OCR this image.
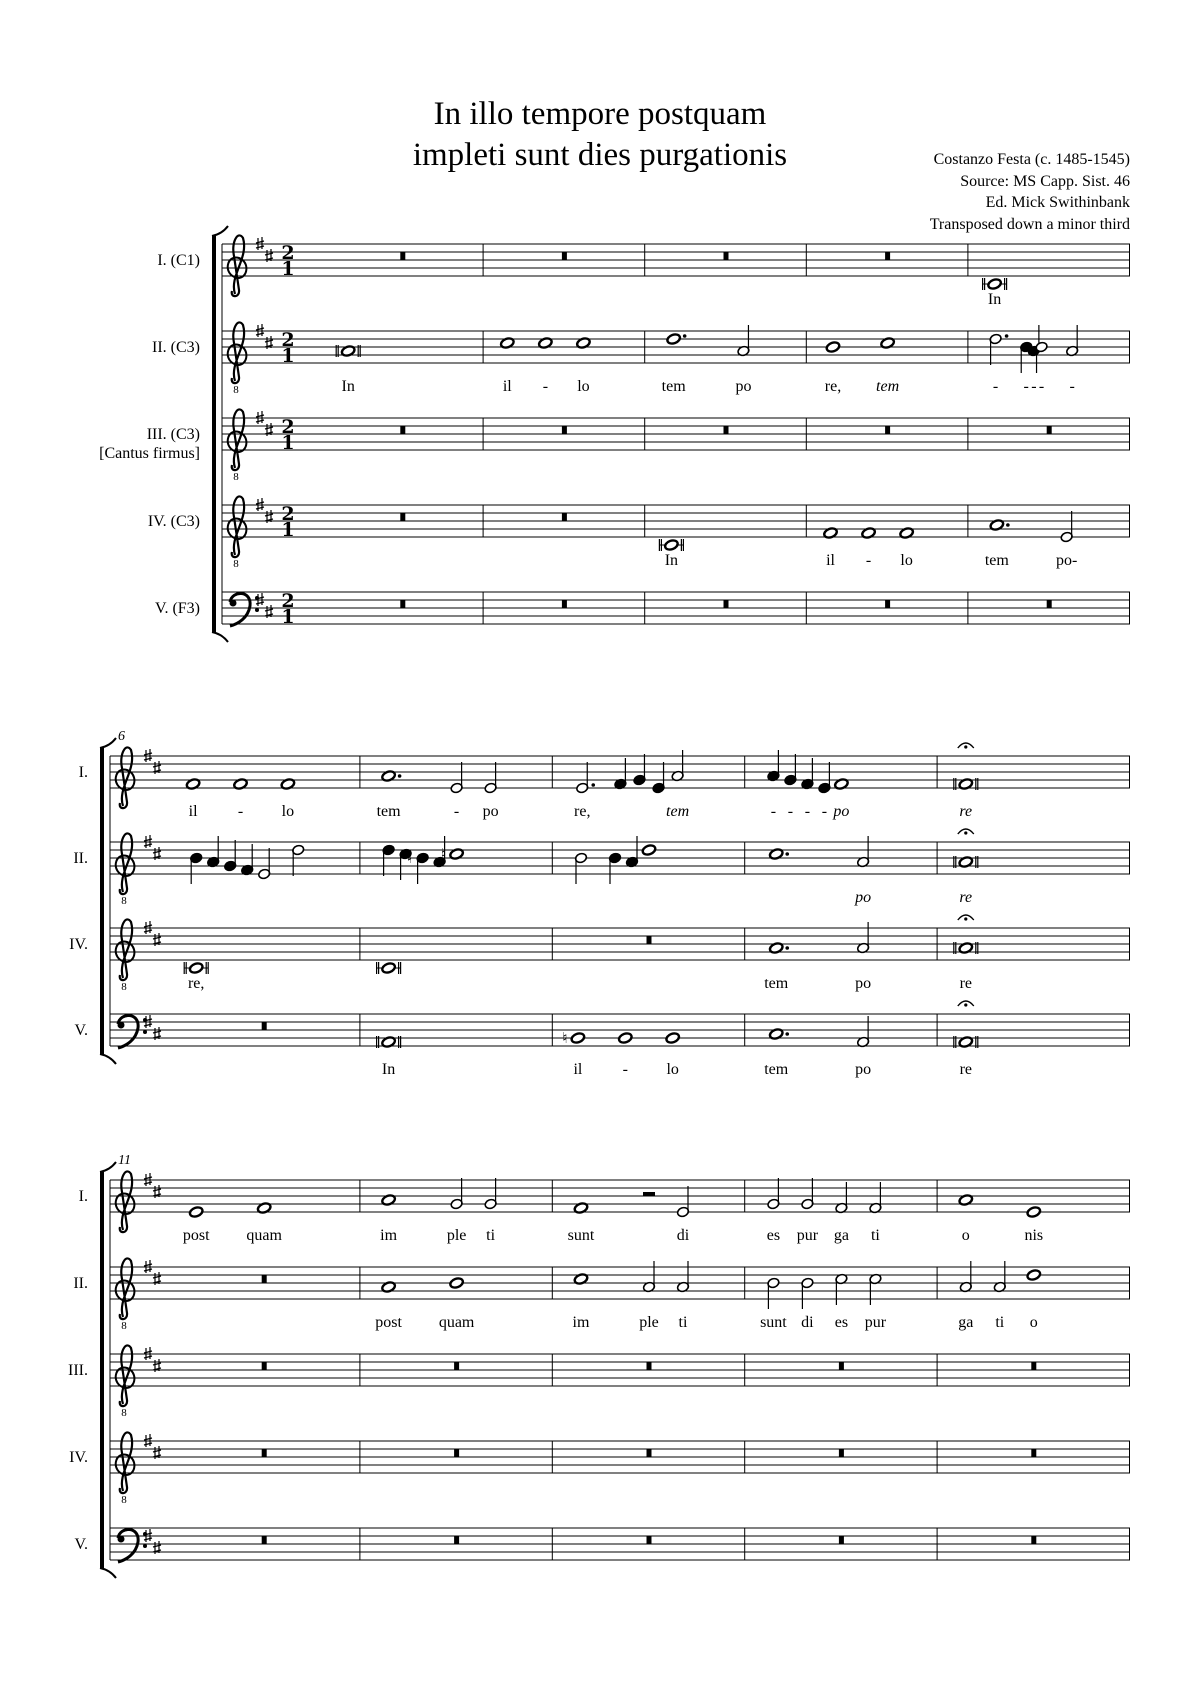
In illo tempore postquam
impleti sunt dies purgationis	Costanzo Festa (c. 1485-1545)
Source: MS Capp. Sist. 46
Ed. Mick Swithinbank
Transposed down a minor third
I. (C1)	2
1
In
II. (C3)
8
2
1
In	il - lo	tem	po	re, tem	- - - - -
III. (C3)
[Cantus firmus]
8
2
1
IV. (C3)
8
2
1
In	il - lo	tem	po-
V. (F3)	2
1
6
I.
il	- lo	tem	- po	re,	tem	- - - - po	re
II.
8
♮ ♮
po	re
IV.
8	re,	tem	po	re
V.
In
♮
il	- lo	tem	po	re
11
I.
post quam	im	ple ti	sunt	di	es pur ga ti	o	nis
II.
8	post quam	im	ple ti	sunt di es pur	ga ti o
III.
8
IV.
8
V.
